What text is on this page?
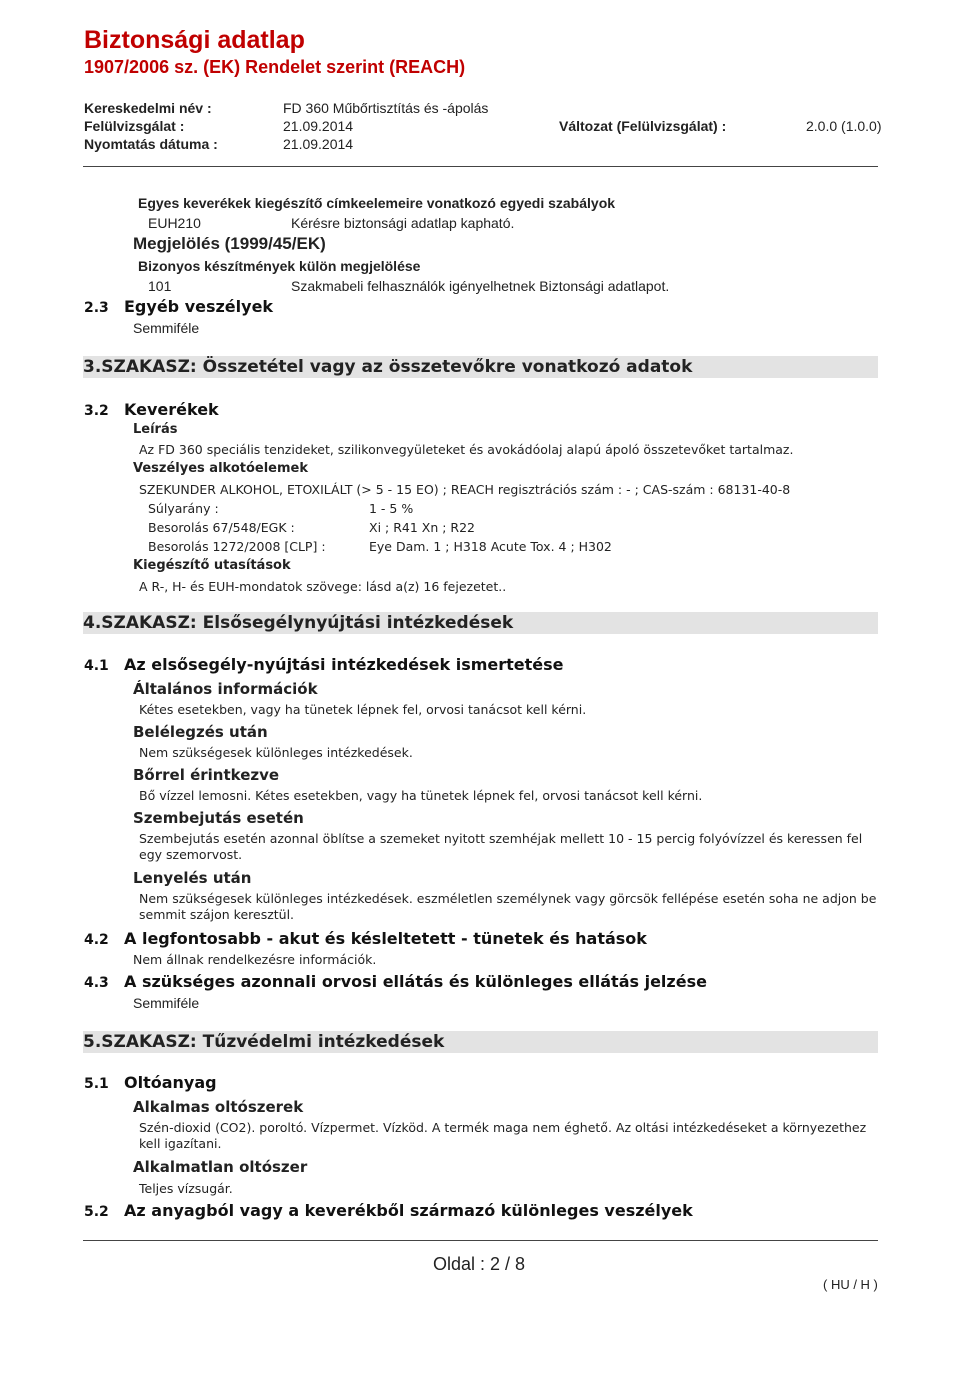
Biztonsági adatlap
1907/2006 sz. (EK) Rendelet szerint (REACH)
Kereskedelmi név :	FD 360 Műbőrtisztítás és -ápolás
Felülvizsgálat :	21.09.2014	Változat (Felülvizsgálat) :	2.0.0 (1.0.0)
Nyomtatás dátuma :	21.09.2014
Egyes keverékek kiegészítő címkeelemeire vonatkozó egyedi szabályok
EUH210	Kérésre biztonsági adatlap kapható.
Megjelölés (1999/45/EK)
Bizonyos készítmények külön megjelölése
101	Szakmabeli felhasználók igényelhetnek Biztonsági adatlapot.
2.3 Egyéb veszélyek
Semmiféle
3.SZAKASZ: Összetétel vagy az összetevőkre vonatkozó adatok
3.2 Keverékek
Leírás
Az FD 360 speciális tenzideket, szilikonvegyületeket és avokádóolaj alapú ápoló összetevőket tartalmaz.
Veszélyes alkotóelemek
SZEKUNDER ALKOHOL, ETOXILÁLT (> 5 - 15 EO) ; REACH regisztrációs szám : - ; CAS-szám : 68131-40-8
Súlyarány :	1 - 5 %
Besorolás 67/548/EGK :	Xi ; R41 Xn ; R22
Besorolás 1272/2008 [CLP] :	Eye Dam. 1 ; H318 Acute Tox. 4 ; H302
Kiegészítő utasítások
A R-, H- és EUH-mondatok szövege: lásd a(z) 16 fejezetet..
4.SZAKASZ: Elsősegélynyújtási intézkedések
4.1 Az elsősegély-nyújtási intézkedések ismertetése
Általános információk
Kétes esetekben, vagy ha tünetek lépnek fel, orvosi tanácsot kell kérni.
Belélegzés után
Nem szükségesek különleges intézkedések.
Bőrrel érintkezve
Bő vízzel lemosni. Kétes esetekben, vagy ha tünetek lépnek fel, orvosi tanácsot kell kérni.
Szembejutás esetén
Szembejutás esetén azonnal öblítse a szemeket nyitott szemhéjak mellett 10 - 15 percig folyóvízzel és keressen fel egy szemorvost.
Lenyelés után
Nem szükségesek különleges intézkedések. eszméletlen személynek vagy görcsök fellépése esetén soha ne adjon be semmit szájon keresztül.
4.2 A legfontosabb - akut és késleltetett - tünetek és hatások
Nem állnak rendelkezésre információk.
4.3 A szükséges azonnali orvosi ellátás és különleges ellátás jelzése
Semmiféle
5.SZAKASZ: Tűzvédelmi intézkedések
5.1 Oltóanyag
Alkalmas oltószerek
Szén-dioxid (CO2). poroltó. Vízpermet. Vízköd. A termék maga nem éghető. Az oltási intézkedéseket a környezethez kell igazítani.
Alkalmatlan oltószer
Teljes vízsugár.
5.2 Az anyagból vagy a keverékből származó különleges veszélyek
Oldal : 2 / 8
( HU / H )
